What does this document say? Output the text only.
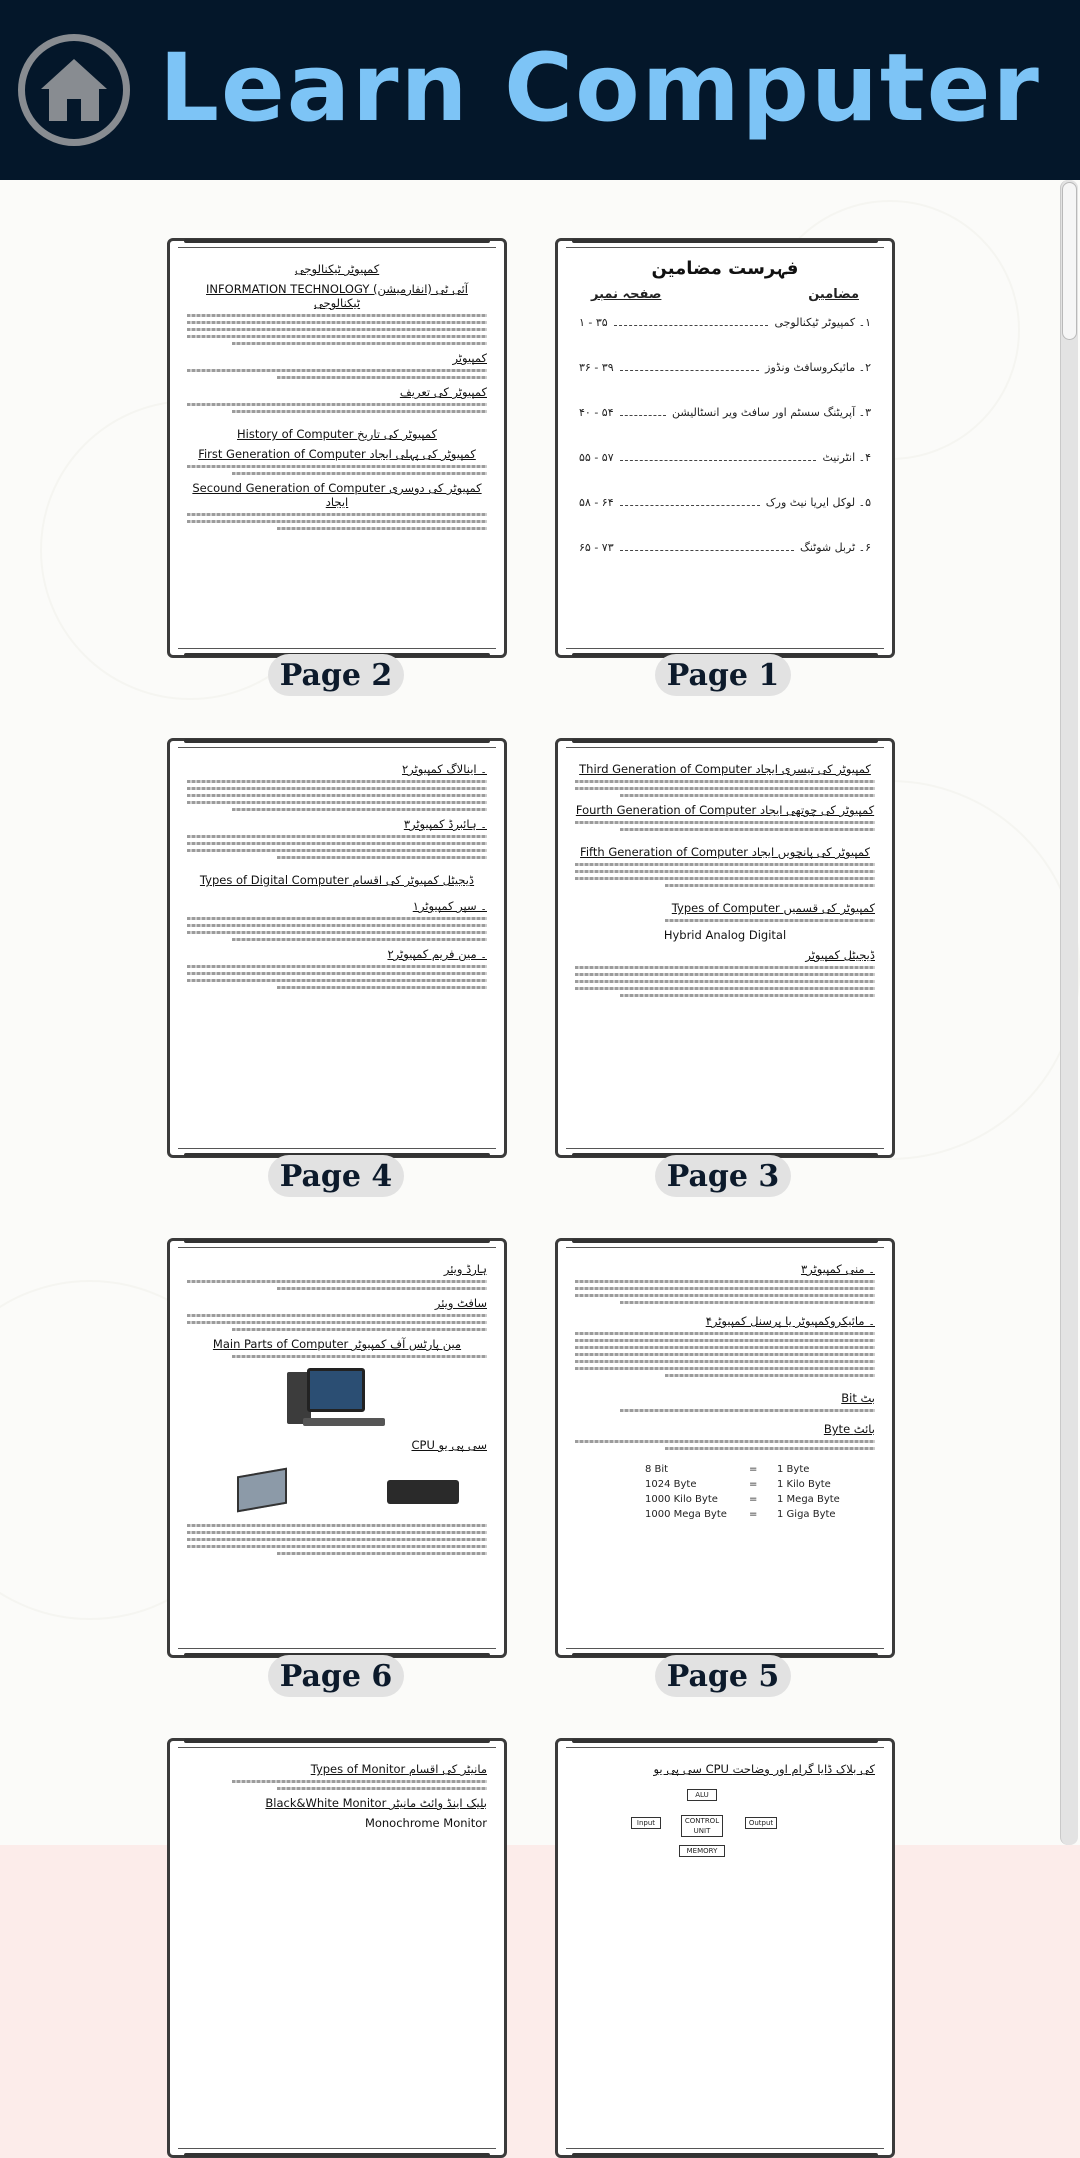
Learn Computer
کمپیوٹر ٹیکنالوجی
INFORMATION TECHNOLOGY (آئی ٹی (انفارمیشن ٹیکنالوجی
کمپیوٹر
کمپیوٹر کی تعریف
History of Computer کمپیوٹر کی تاریخ
First Generation of Computer کمپیوٹر کی پہلی ایجاد
Secound Generation of Computer کمپیوٹر کی دوسری ایجاد
Page 2
فہرست مضامین
مضامین
صفحہ نمبر
۱۔ کمپیوٹر ٹیکنالوجی
۳۵ - ۱
۲۔ مائیکروسافٹ ونڈوز
۳۹ - ۳۶
۳۔ آپریٹنگ سسٹم اور سافٹ ویر انسٹالیشن
۵۴ - ۴۰
۴۔ انٹرنیٹ
۵۷ - ۵۵
۵۔ لوکل ایریا نیٹ ورک
۶۴ - ۵۸
۶۔ ٹربل شوٹنگ
۷۳ - ۶۵
Page 1
۲۔ اینالاگ کمپیوٹر
۳۔ ہائبرڈ کمپیوٹر
Types of Digital Computer ڈیجیٹل کمپیوٹر کی اقسام
۱۔ سپر کمپیوٹر
۲۔ مین فریم کمپیوٹر
Page 4
Third Generation of Computer کمپیوٹر کی تیسری ایجاد
Fourth Generation of Computer کمپیوٹر کی چوتھی ایجاد
Fifth Generation of Computer کمپیوٹر کی پانچویں ایجاد
Types of Computer کمپیوٹر کی قسمیں
Hybrid Analog Digital
ڈیجیٹل کمپیوٹر
Page 3
ہارڈ ویئر
سافٹ ویئر
Main Parts of Computer مین پارٹس آف کمپیوٹر
CPU سی پی یو
Page 6
۳۔ منی کمپیوٹر
۴۔ مائیکروکمپیوٹر یا پرسنل کمپیوٹر
Bit بٹ
Byte بائٹ
8 Bit	=	1 Byte
1024 Byte	=	1 Kilo Byte
1000 Kilo Byte	=	1 Mega Byte
1000 Mega Byte	=	1 Giga Byte
Page 5
Types of Monitor مانیٹر کی اقسام
Black&White Monitor بلیک اینڈ وائٹ مانیٹر
Monochrome Monitor
سی پی یو CPU کی بلاک ڈایا گرام اور وضاحت
ALU
Input	CONTROL UNIT
Output
MEMORY
